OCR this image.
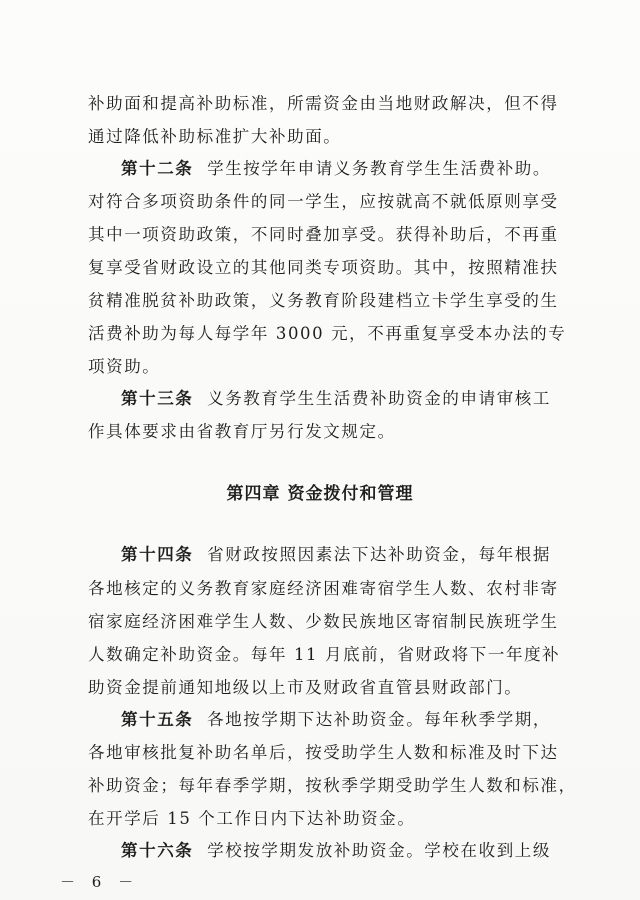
补助面和提高补助标准，所需资金由当地财政解决，但不得
通过降低补助标准扩大补助面。
第十二条 学生按学年申请义务教育学生生活费补助。
对符合多项资助条件的同一学生，应按就高不就低原则享受
其中一项资助政策，不同时叠加享受。获得补助后，不再重
复享受省财政设立的其他同类专项资助。其中，按照精准扶
贫精准脱贫补助政策，义务教育阶段建档立卡学生享受的生
活费补助为每人每学年 3000 元，不再重复享受本办法的专
项资助。
第十三条 义务教育学生生活费补助资金的申请审核工
作具体要求由省教育厅另行发文规定。
第四章 资金拨付和管理
第十四条 省财政按照因素法下达补助资金，每年根据
各地核定的义务教育家庭经济困难寄宿学生人数、农村非寄
宿家庭经济困难学生人数、少数民族地区寄宿制民族班学生
人数确定补助资金。每年 11 月底前，省财政将下一年度补
助资金提前通知地级以上市及财政省直管县财政部门。
第十五条 各地按学期下达补助资金。每年秋季学期，
各地审核批复补助名单后，按受助学生人数和标准及时下达
补助资金；每年春季学期，按秋季学期受助学生人数和标准，
在开学后 15 个工作日内下达补助资金。
第十六条 学校按学期发放补助资金。学校在收到上级
－ 6 －
